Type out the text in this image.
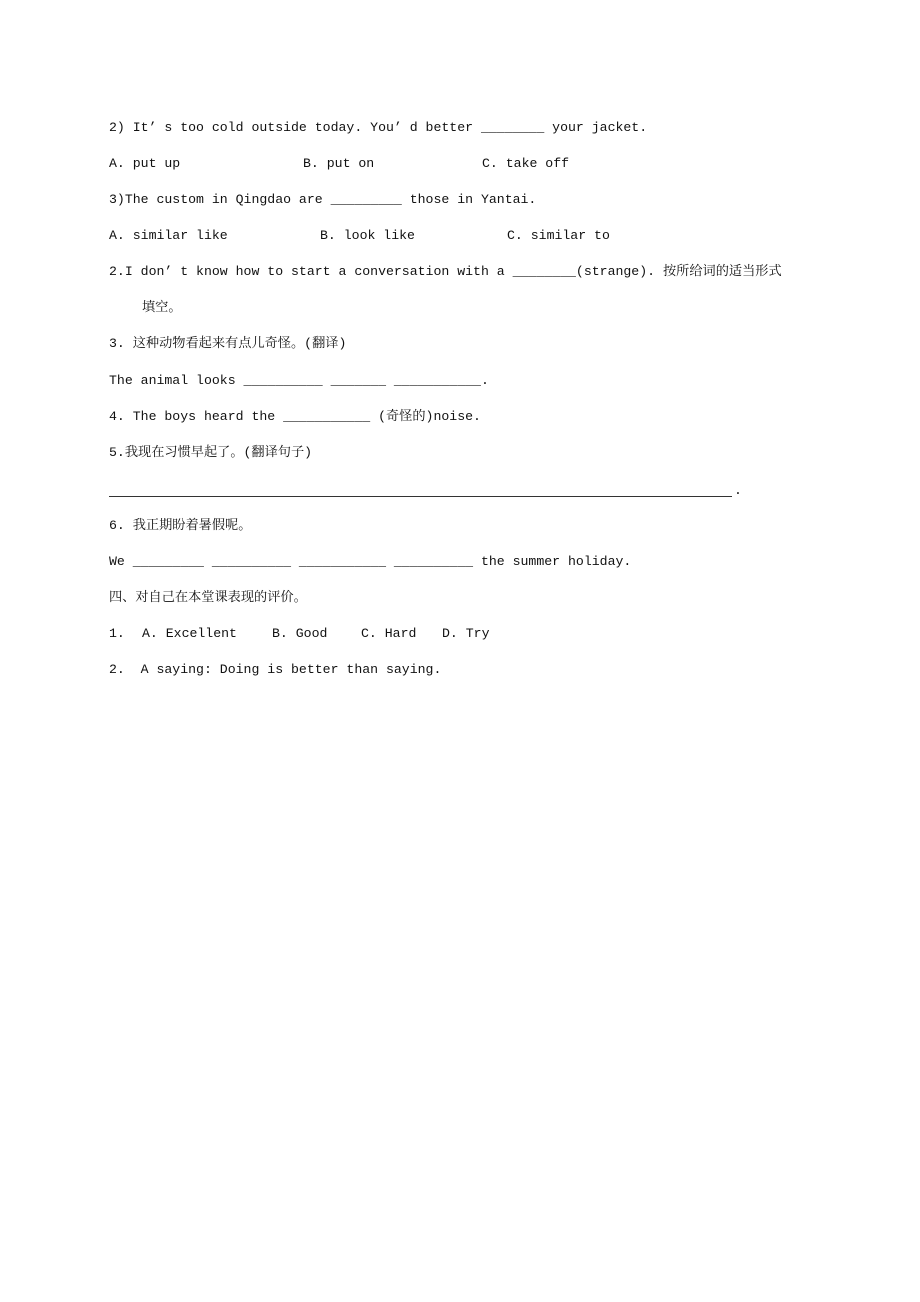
2) It’ s too cold outside today. You’ d better ________ your jacket.
A. put up	B. put on	C. take off
3)The custom in Qingdao are _________ those in Yantai.
A. similar like	B. look like	C. similar to
2.I don’ t know how to start a conversation with a ________(strange). 按所给词的适当形式
填空。
3. 这种动物看起来有点儿奇怪。(翻译)
The animal looks __________ _______ ___________.
4. The boys heard the ___________ (奇怪的)noise.
5.我现在习惯早起了。(翻译句子)
.
6. 我正期盼着暑假呢。
We _________ __________ ___________ __________ the summer holiday.
四、对自己在本堂课表现的评价。
1. A. Excellent	B. Good	C. Hard D. Try
2.  A saying: Doing is better than saying.
